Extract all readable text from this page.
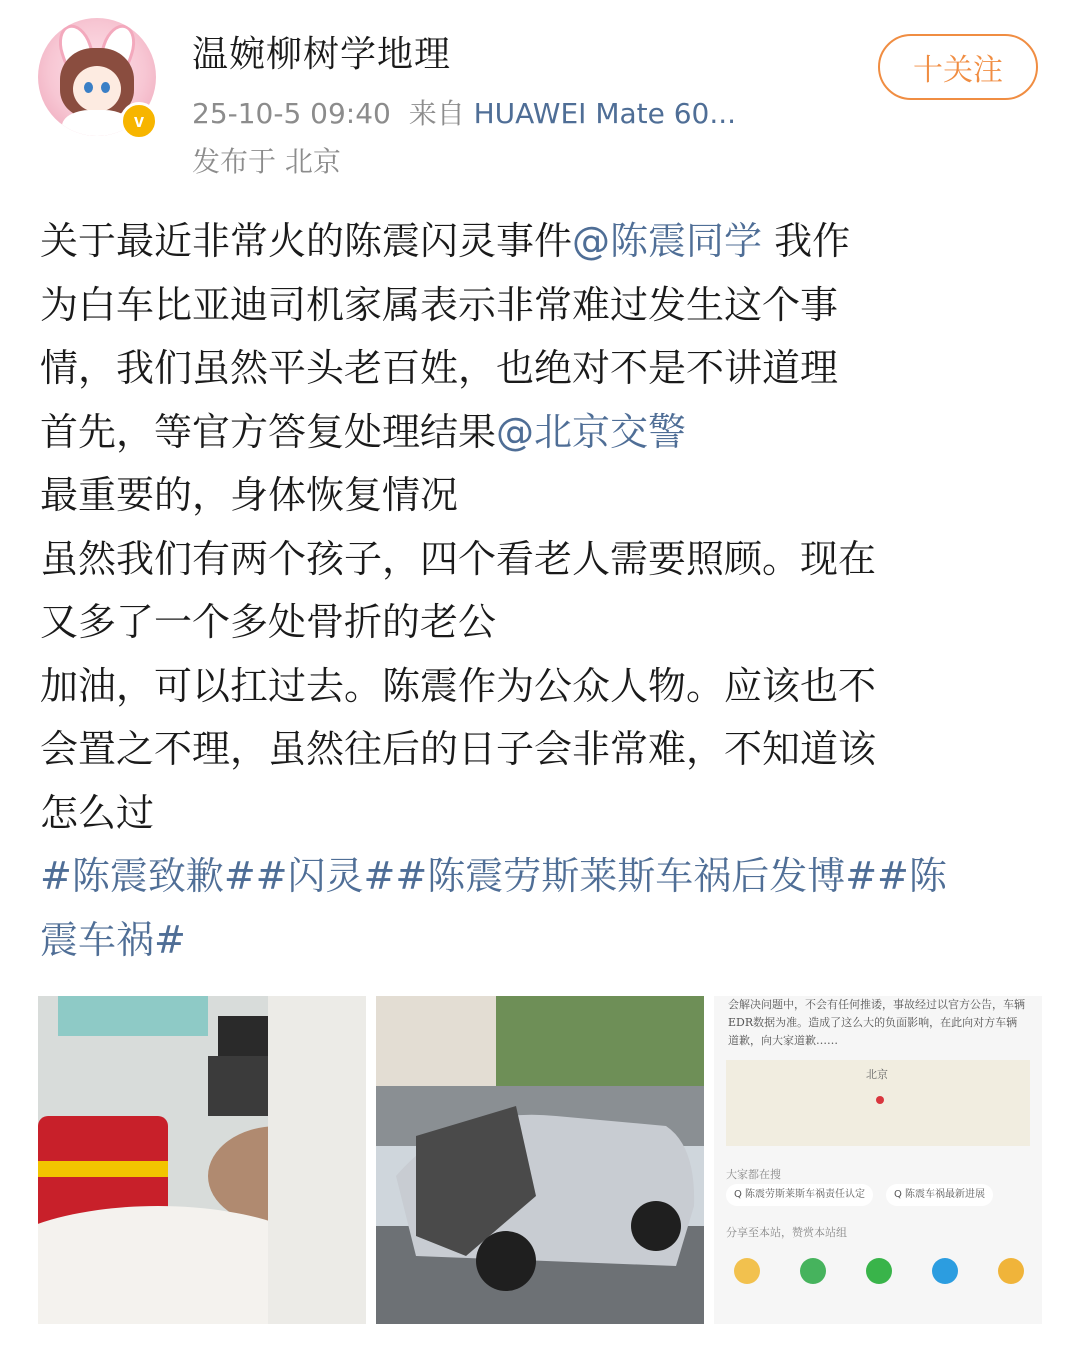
v
温婉柳树学地理
25-10-5 09:40 来自 HUAWEI Mate 60...
发布于 北京
十关注
关于最近非常火的陈震闪灵事件@陈震同学 我作
为白车比亚迪司机家属表示非常难过发生这个事
情，我们虽然平头老百姓，也绝对不是不讲道理
首先，等官方答复处理结果@北京交警
最重要的，身体恢复情况
虽然我们有两个孩子，四个看老人需要照顾。现在
又多了一个多处骨折的老公
加油，可以扛过去。陈震作为公众人物。应该也不
会置之不理，虽然往后的日子会非常难，不知道该
怎么过
#陈震致歉##闪灵##陈震劳斯莱斯车祸后发博##陈
震车祸#
会解决问题中，不会有任何推诿，事故经过以官方公告，车辆EDR数据为准。造成了这么大的负面影响，在此向对方车辆道歉，向大家道歉……
北京
大家都在搜
Q 陈震劳斯莱斯车祸责任认定	Q 陈震车祸最新进展
分享至本站，赞赏本站组
